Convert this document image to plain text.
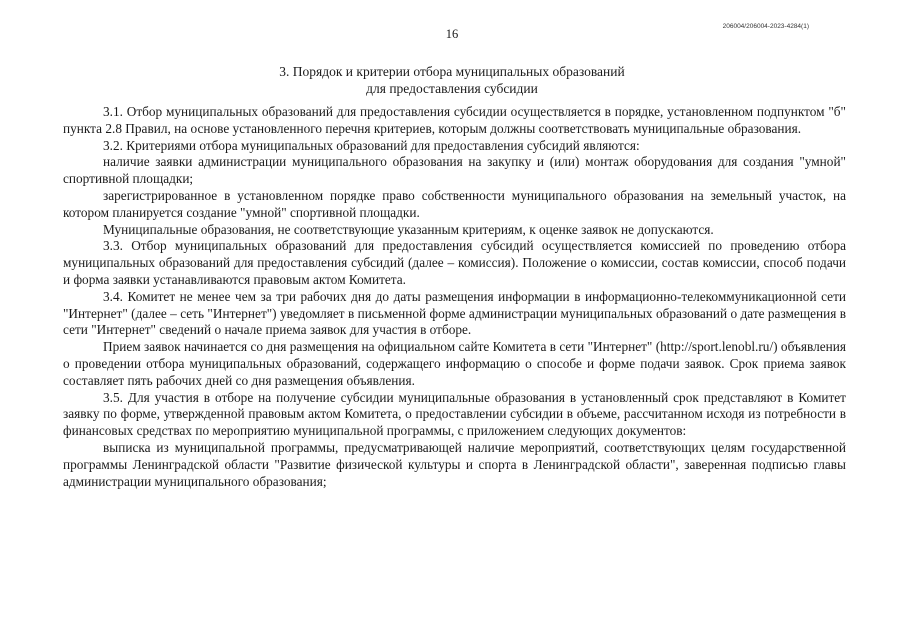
16
206004/206004-2023-4284(1)
3. Порядок и критерии отбора муниципальных образований
для предоставления субсидии

3.1. Отбор муниципальных образований для предоставления субсидии осуществляется в порядке, установленном подпунктом "б" пункта 2.8 Правил, на основе установленного перечня критериев, которым должны соответствовать муниципальные образования.

3.2. Критериями отбора муниципальных образований для предоставления субсидий являются:

наличие заявки администрации муниципального образования на закупку и (или) монтаж оборудования для создания "умной" спортивной площадки;

зарегистрированное в установленном порядке право собственности муниципального образования на земельный участок, на котором планируется создание "умной" спортивной площадки.

Муниципальные образования, не соответствующие указанным критериям, к оценке заявок не допускаются.

3.3. Отбор муниципальных образований для предоставления субсидий осуществляется комиссией по проведению отбора муниципальных образований для предоставления субсидий (далее – комиссия). Положение о комиссии, состав комиссии, способ подачи и форма заявки устанавливаются правовым актом Комитета.

3.4. Комитет не менее чем за три рабочих дня до даты размещения информации в информационно-телекоммуникационной сети "Интернет" (далее – сеть "Интернет") уведомляет в письменной форме администрации муниципальных образований о дате размещения в сети "Интернет" сведений о начале приема заявок для участия в отборе.

Прием заявок начинается со дня размещения на официальном сайте Комитета в сети "Интернет" (http://sport.lenobl.ru/) объявления о проведении отбора муниципальных образований, содержащего информацию о способе и форме подачи заявок. Срок приема заявок составляет пять рабочих дней со дня размещения объявления.

3.5. Для участия в отборе на получение субсидии муниципальные образования в установленный срок представляют в Комитет заявку по форме, утвержденной правовым актом Комитета, о предоставлении субсидии в объеме, рассчитанном исходя из потребности в финансовых средствах по мероприятию муниципальной программы, с приложением следующих документов:

выписка из муниципальной программы, предусматривающей наличие мероприятий, соответствующих целям государственной программы Ленинградской области "Развитие физической культуры и спорта в Ленинградской области", заверенная подписью главы администрации муниципального образования;
